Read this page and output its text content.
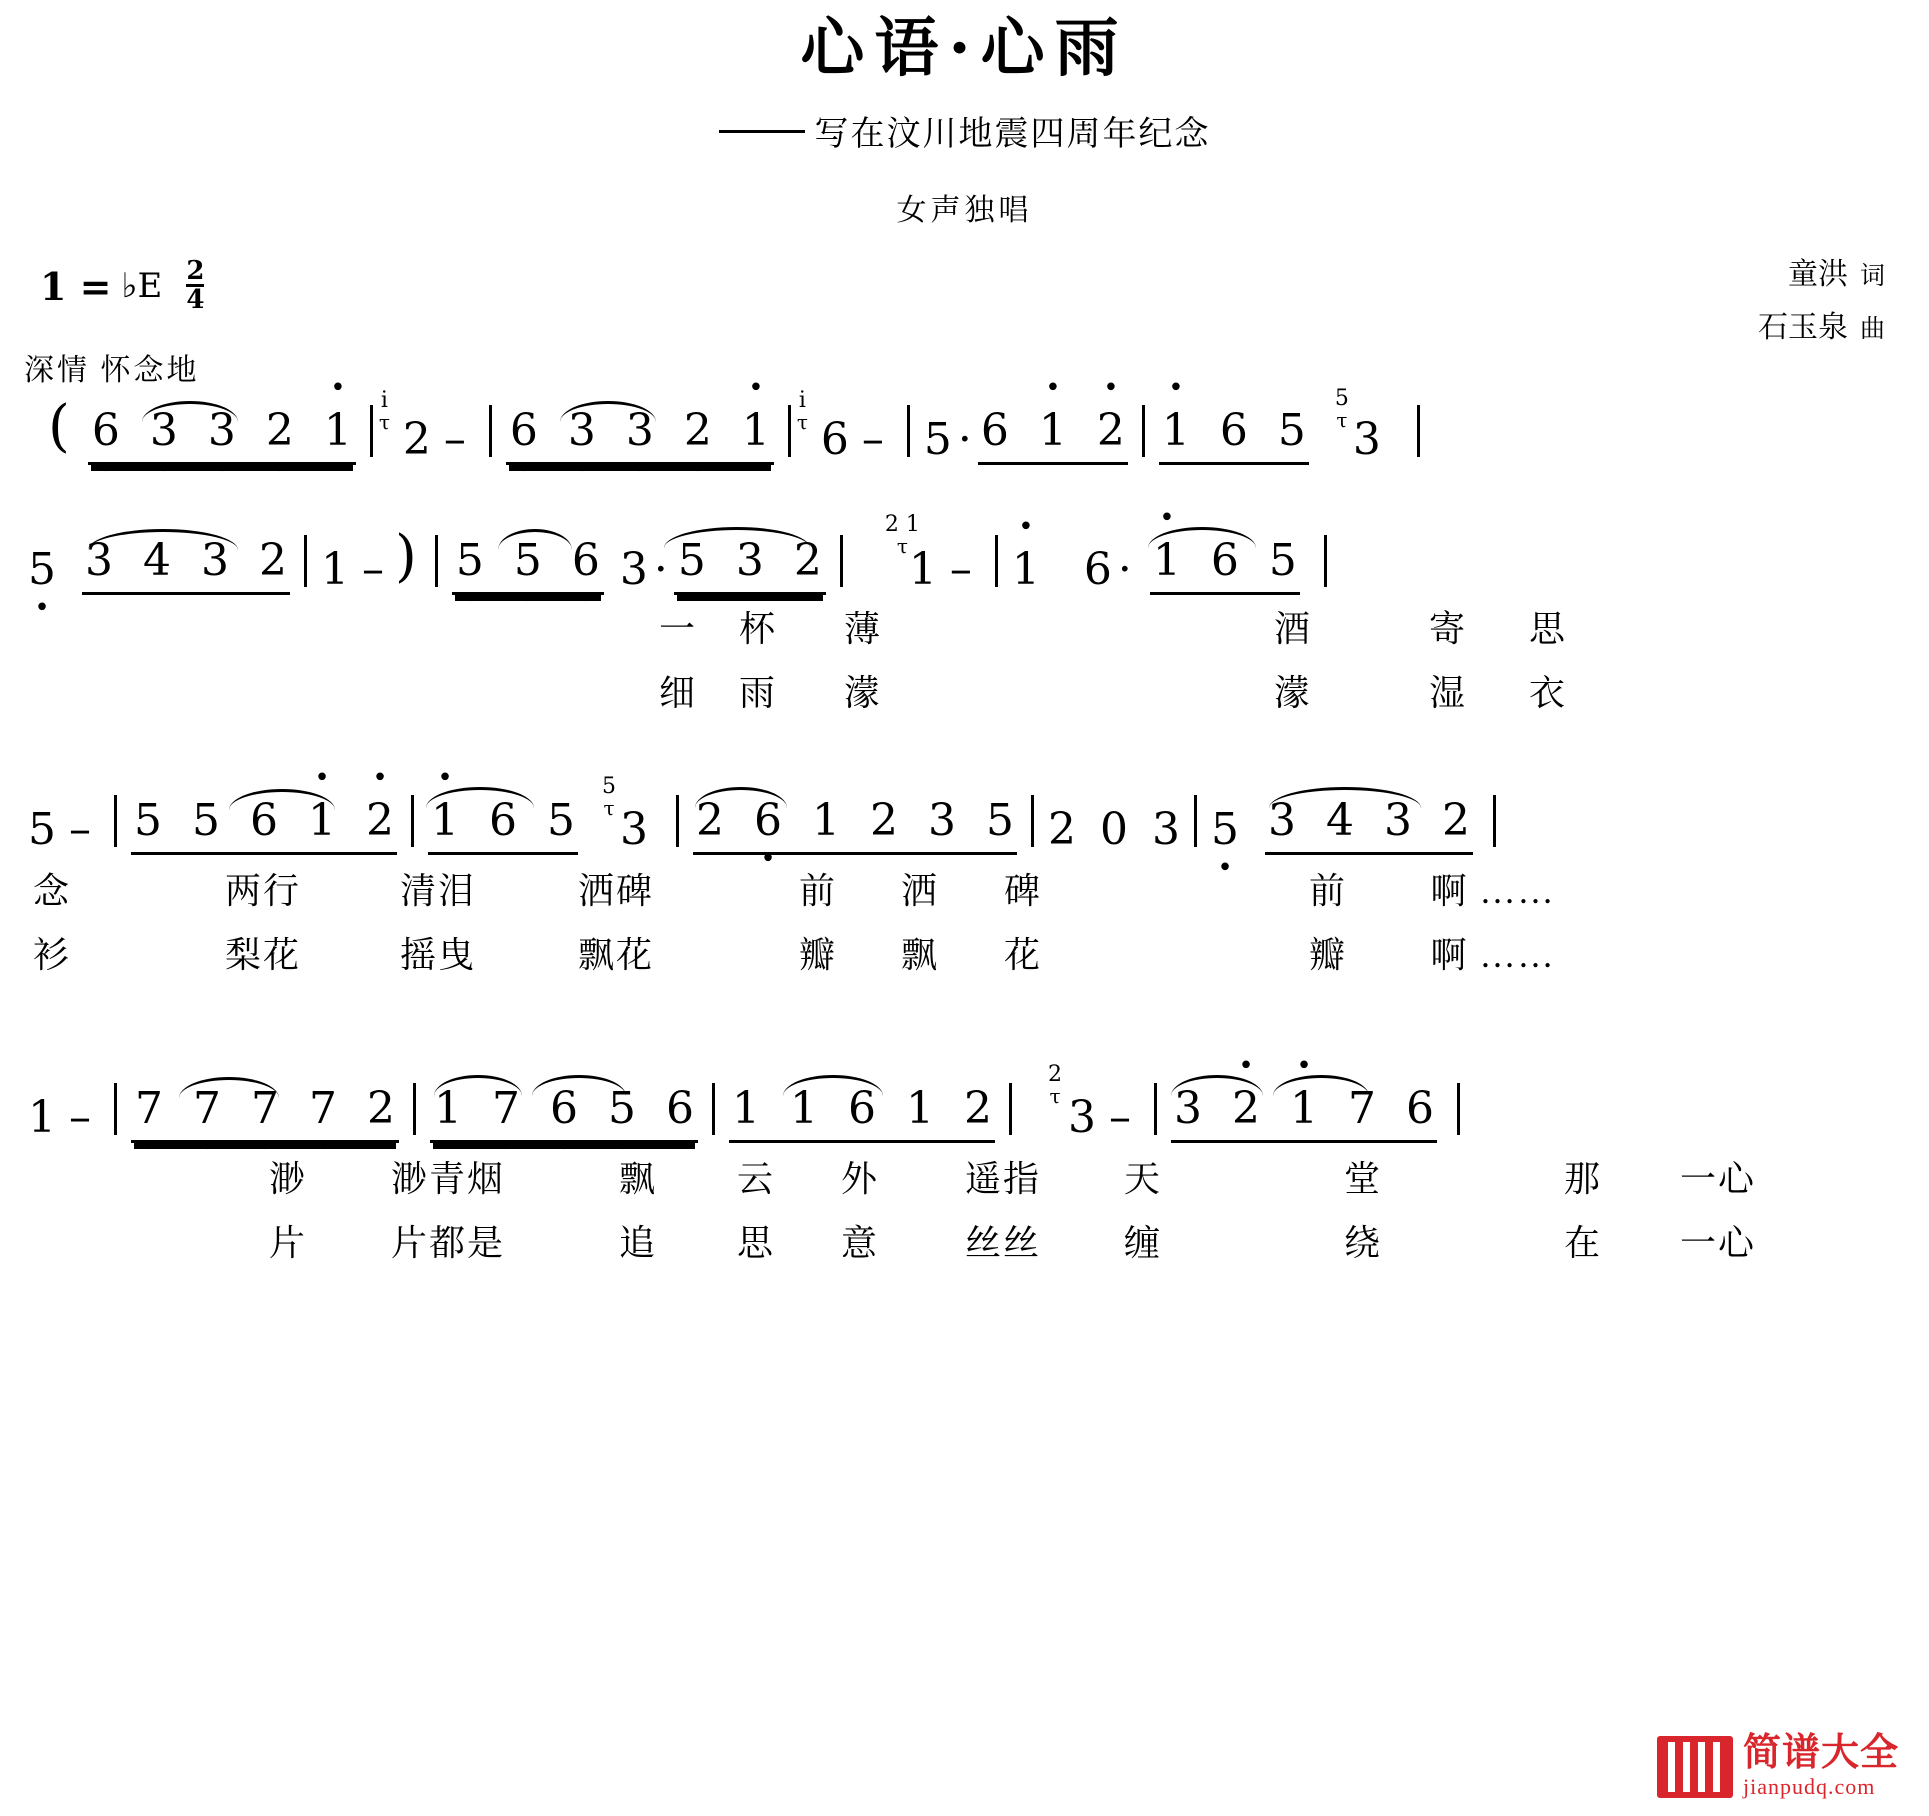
心语·心雨
写在汶川地震四周年纪念
女声独唱
1 = ♭E $\frac{2}{4}$	童洪 词
石玉泉 曲
深情 怀念地
( 6 • 3 • 3 • 2 • • 1
i
τ 2 – 6 • 3 • 3 • 2 • • 1
i
τ 6 – 5 · 6 • 1 • 2 • 1 6 5
5
τ 3
5 • 3 4 3 2 1 – ) 5 • 5 • 6 • 3 · 5 3 2
2 1
τ 1 – • 1 6 · • 1 6 5
一 杯 薄	酒	寄 思
细 雨 濛	濛	湿 衣
5 – 5 5 6 • 1 • 2 • 1 6 5
5
τ 3 2 6 • 1 2 3 5 2 0 3 5 • 3 4 3 2
念	两行	清泪	洒碑	前 洒 碑	前 啊 ……
衫	梨花	摇曳	飘花	瓣 飘 花	瓣 啊 ……
1 – 7 • 7 • 7 • 7 • 2 1 7 • 6 • 5 • 6 • 1 1 6 1 2
2
τ 3 – 3 • 2 • 1 7 6
渺 渺青烟	飘 云 外 遥指 天	堂	那 一心
片 片都是	追 思 意 丝丝 缠	绕	在 一心
简谱大全
jianpudq.com
